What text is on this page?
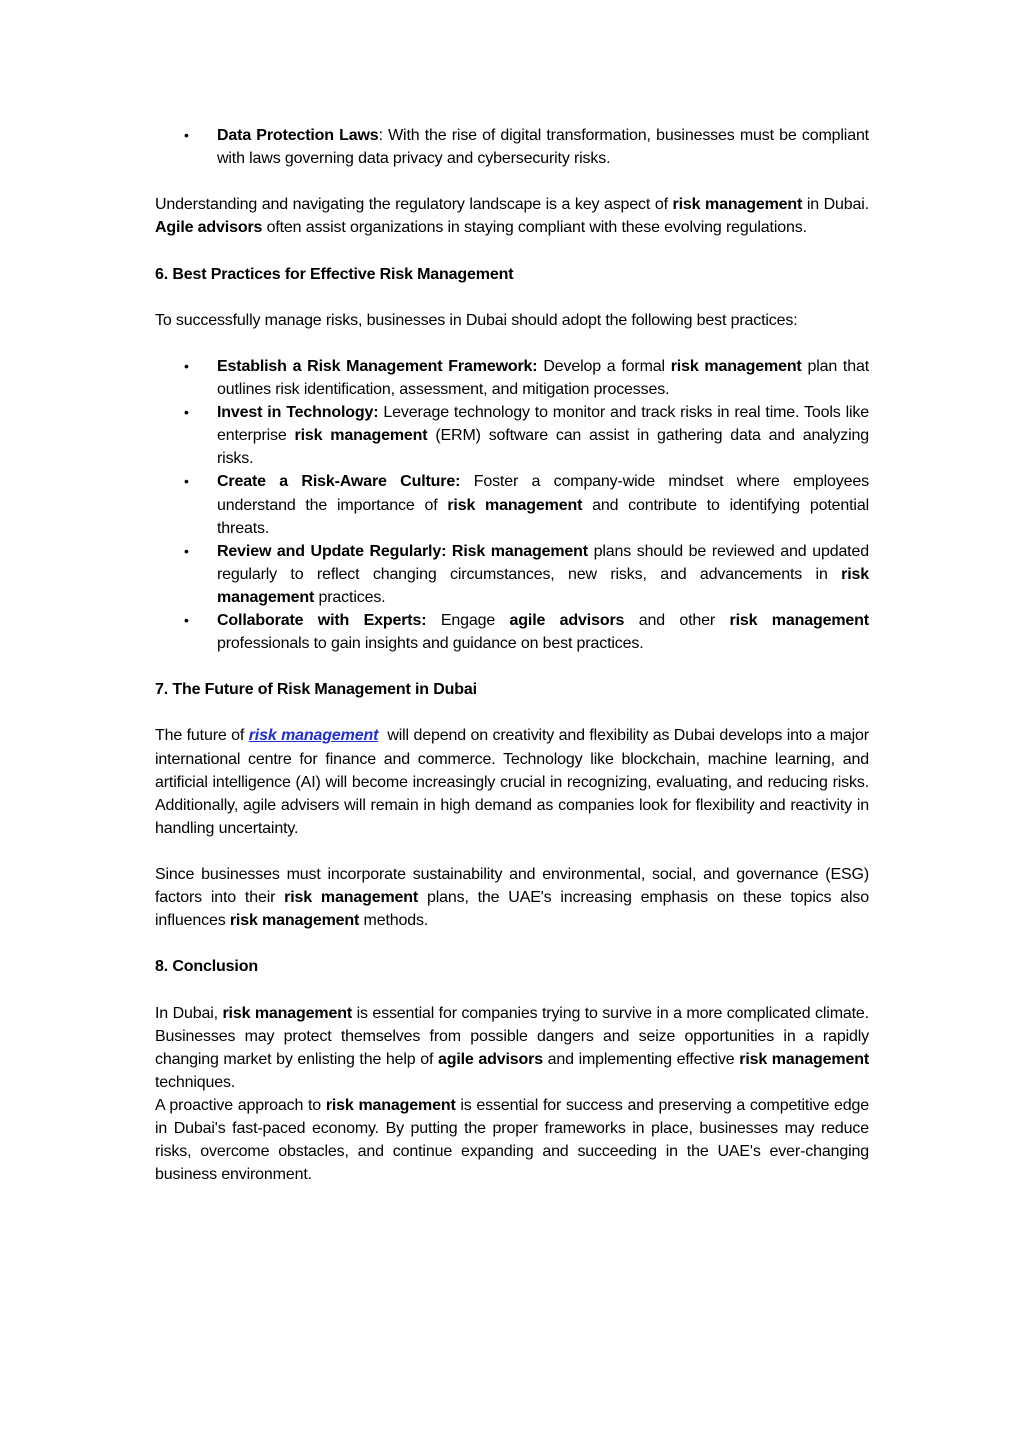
• Data Protection Laws: With the rise of digital transformation, businesses must be compliant with laws governing data privacy and cybersecurity risks.

Understanding and navigating the regulatory landscape is a key aspect of risk management in Dubai. Agile advisors often assist organizations in staying compliant with these evolving regulations.

6. Best Practices for Effective Risk Management

To successfully manage risks, businesses in Dubai should adopt the following best practices:

• Establish a Risk Management Framework: Develop a formal risk management plan that outlines risk identification, assessment, and mitigation processes.
• Invest in Technology: Leverage technology to monitor and track risks in real time. Tools like enterprise risk management (ERM) software can assist in gathering data and analyzing risks.
• Create a Risk-Aware Culture: Foster a company-wide mindset where employees understand the importance of risk management and contribute to identifying potential threats.
• Review and Update Regularly: Risk management plans should be reviewed and updated regularly to reflect changing circumstances, new risks, and advancements in risk management practices.
• Collaborate with Experts: Engage agile advisors and other risk management professionals to gain insights and guidance on best practices.
7. The Future of Risk Management in Dubai

The future of risk management  will depend on creativity and flexibility as Dubai develops into a major international centre for finance and commerce. Technology like blockchain, machine learning, and artificial intelligence (AI) will become increasingly crucial in recognizing, evaluating, and reducing risks. Additionally, agile advisers will remain in high demand as companies look for flexibility and reactivity in handling uncertainty.

Since businesses must incorporate sustainability and environmental, social, and governance (ESG) factors into their risk management plans, the UAE's increasing emphasis on these topics also influences risk management methods.

8. Conclusion

In Dubai, risk management is essential for companies trying to survive in a more complicated climate. Businesses may protect themselves from possible dangers and seize opportunities in a rapidly changing market by enlisting the help of agile advisors and implementing effective risk management techniques.

A proactive approach to risk management is essential for success and preserving a competitive edge in Dubai's fast-paced economy. By putting the proper frameworks in place, businesses may reduce risks, overcome obstacles, and continue expanding and succeeding in the UAE's ever-changing business environment.
